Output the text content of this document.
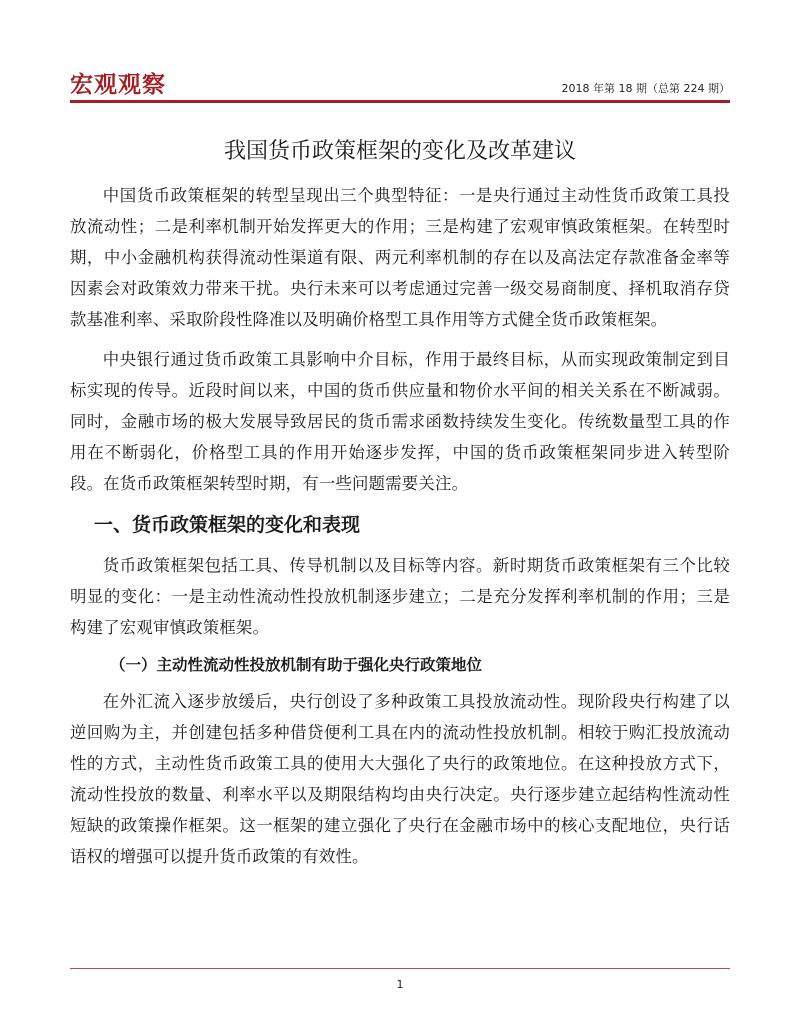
宏观观察	2018 年第 18 期（总第 224 期）
我国货币政策框架的变化及改革建议

中国货币政策框架的转型呈现出三个典型特征：一是央行通过主动性货币政策工具投放流动性；二是利率机制开始发挥更大的作用；三是构建了宏观审慎政策框架。在转型时期，中小金融机构获得流动性渠道有限、两元利率机制的存在以及高法定存款准备金率等因素会对政策效力带来干扰。央行未来可以考虑通过完善一级交易商制度、择机取消存贷款基准利率、采取阶段性降准以及明确价格型工具作用等方式健全货币政策框架。

中央银行通过货币政策工具影响中介目标，作用于最终目标，从而实现政策制定到目标实现的传导。近段时间以来，中国的货币供应量和物价水平间的相关关系在不断减弱。同时，金融市场的极大发展导致居民的货币需求函数持续发生变化。传统数量型工具的作用在不断弱化，价格型工具的作用开始逐步发挥，中国的货币政策框架同步进入转型阶段。在货币政策框架转型时期，有一些问题需要关注。

一、货币政策框架的变化和表现

货币政策框架包括工具、传导机制以及目标等内容。新时期货币政策框架有三个比较明显的变化：一是主动性流动性投放机制逐步建立；二是充分发挥利率机制的作用；三是构建了宏观审慎政策框架。

（一）主动性流动性投放机制有助于强化央行政策地位

在外汇流入逐步放缓后，央行创设了多种政策工具投放流动性。现阶段央行构建了以逆回购为主，并创建包括多种借贷便利工具在内的流动性投放机制。相较于购汇投放流动性的方式，主动性货币政策工具的使用大大强化了央行的政策地位。在这种投放方式下，流动性投放的数量、利率水平以及期限结构均由央行决定。央行逐步建立起结构性流动性短缺的政策操作框架。这一框架的建立强化了央行在金融市场中的核心支配地位，央行话语权的增强可以提升货币政策的有效性。

1
